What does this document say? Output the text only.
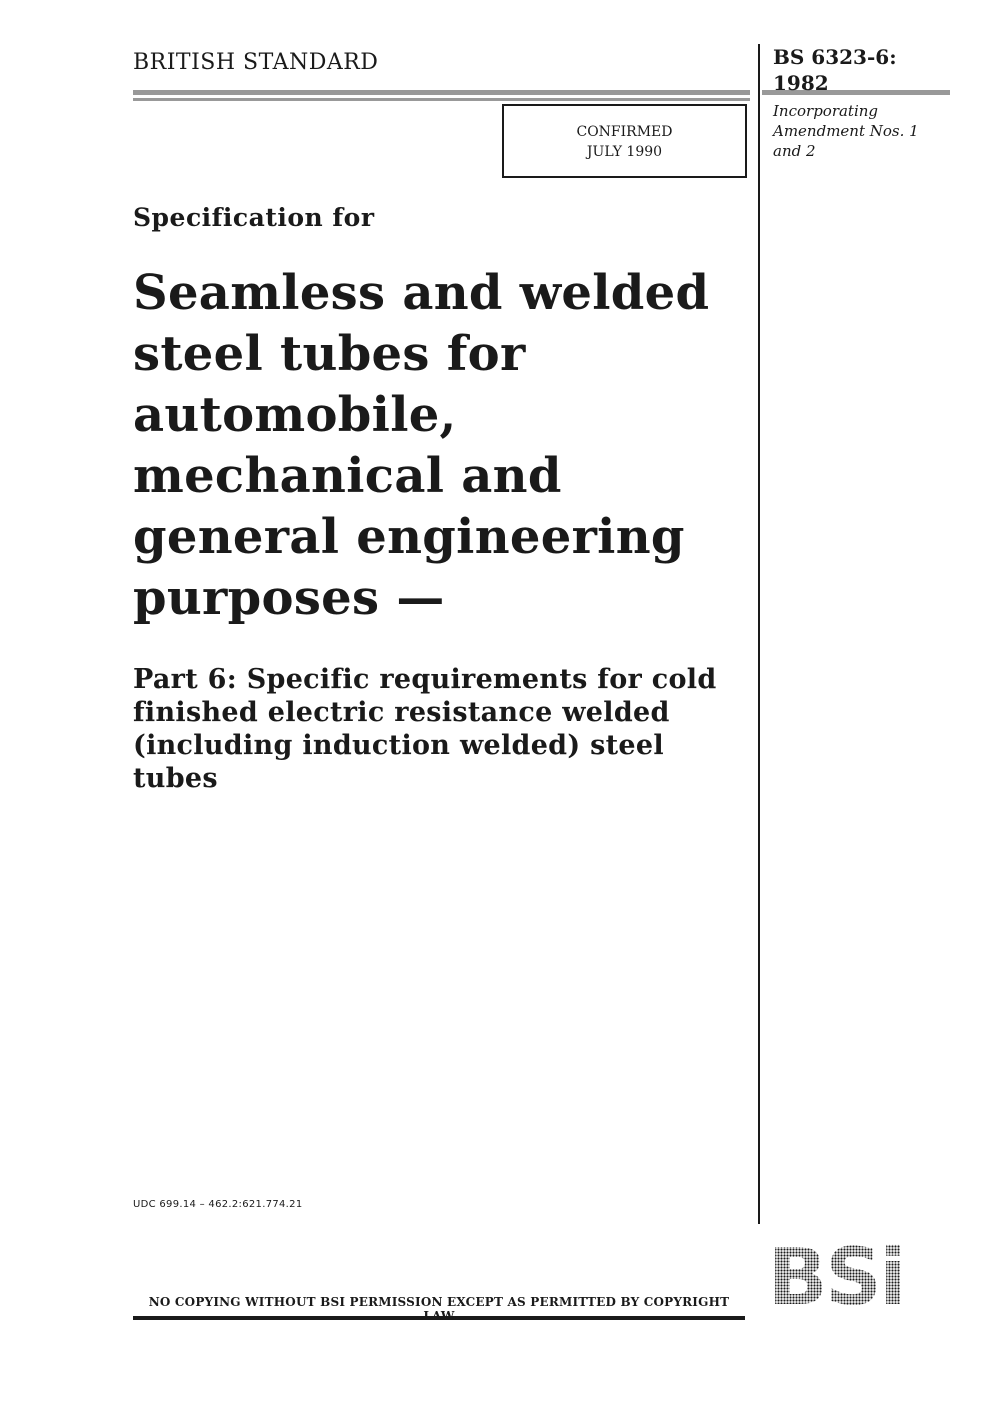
BRITISH STANDARD	BS 6323-6:
1982
Incorporating Amendment Nos. 1 and 2
CONFIRMED
JULY 1990
Specification for
Seamless and welded steel tubes for automobile, mechanical and general engineering purposes —
Part 6: Specific requirements for cold finished electric resistance welded (including induction welded) steel tubes
UDC 699.14 – 462.2:621.774.21
NO COPYING WITHOUT BSI PERMISSION EXCEPT AS PERMITTED BY COPYRIGHT BSi
